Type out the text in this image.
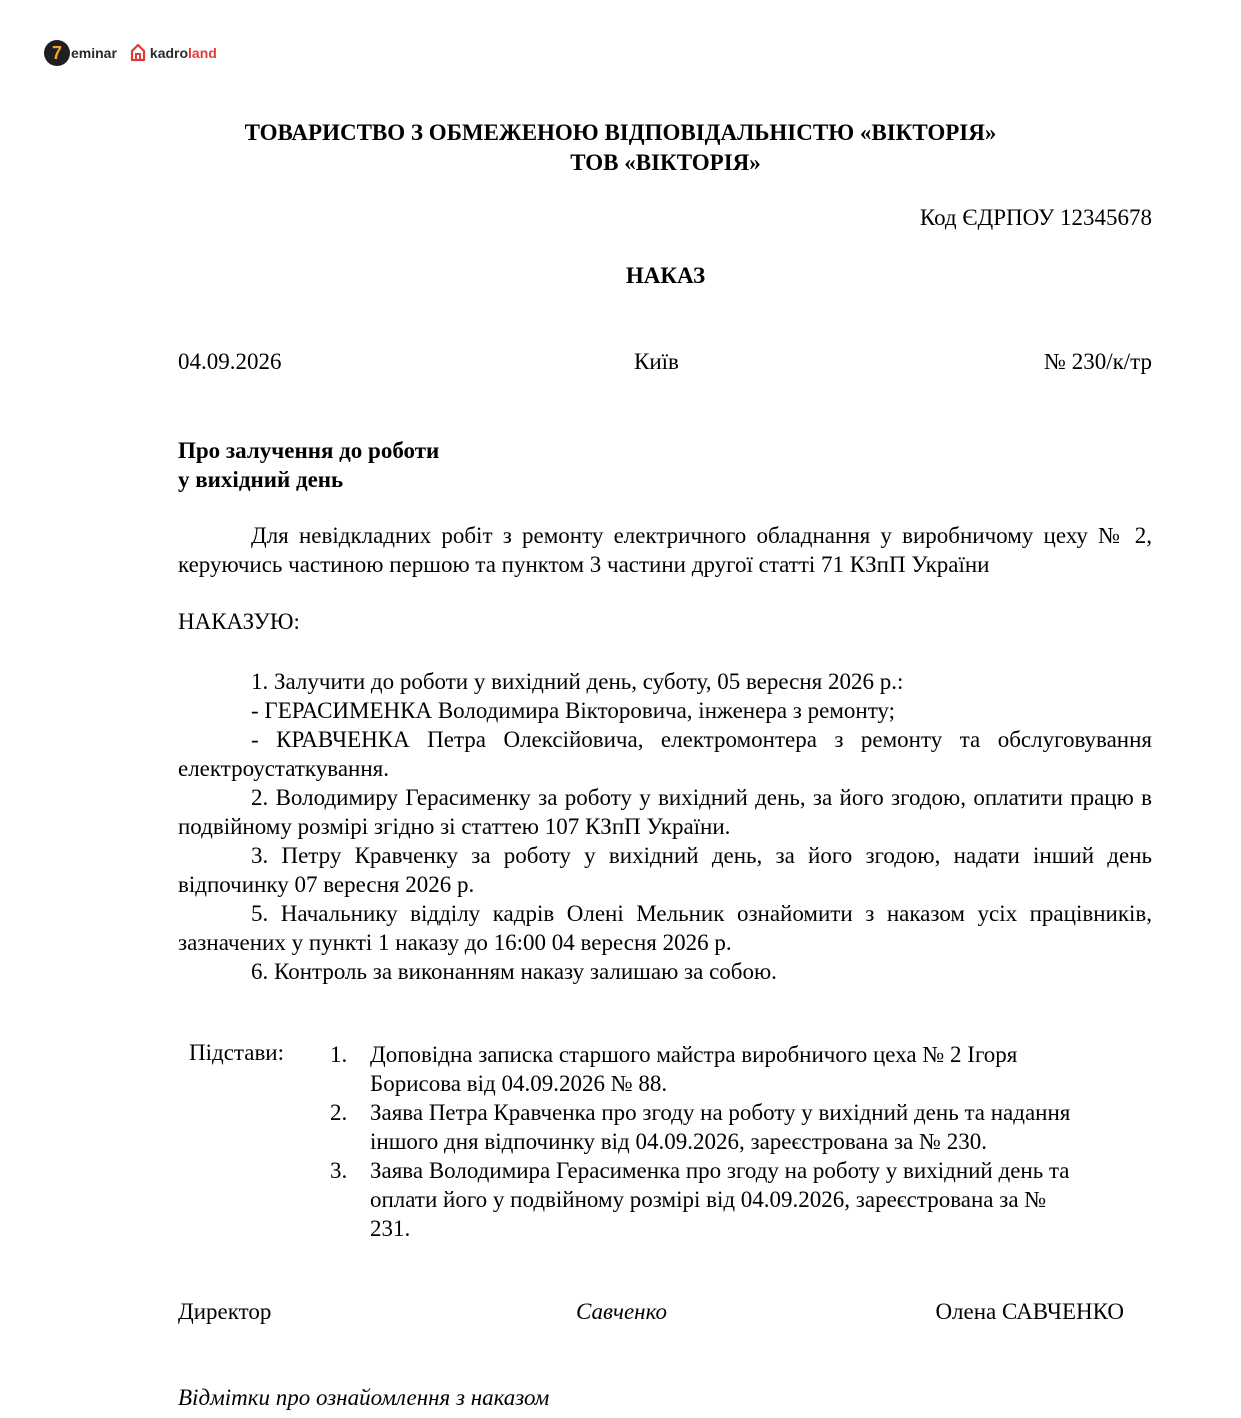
7 eminar kadroland
ТОВАРИСТВО З ОБМЕЖЕНОЮ ВІДПОВІДАЛЬНІСТЮ «ВІКТОРІЯ»
ТОВ «ВІКТОРІЯ»
Код ЄДРПОУ 12345678
НАКАЗ
04.09.2026	Київ	№ 230/к/тр
Про залучення до роботи
у вихідний день
Для невідкладних робіт з ремонту електричного обладнання у виробничому цеху № 2, керуючись частиною першою та пунктом 3 частини другої статті 71 КЗпП України
НАКАЗУЮ:

1. Залучити до роботи у вихідний день, суботу, 05 вересня 2026 р.:

- ГЕРАСИМЕНКА Володимира Вікторовича, інженера з ремонту;

- КРАВЧЕНКА Петра Олексійовича, електромонтера з ремонту та обслуговування електроустаткування.

2. Володимиру Герасименку за роботу у вихідний день, за його згодою, оплатити працю в подвійному розмірі згідно зі статтею 107 КЗпП України.

3. Петру Кравченку за роботу у вихідний день, за його згодою, надати інший день відпочинку 07 вересня 2026 р.

5. Начальнику відділу кадрів Олені Мельник ознайомити з наказом усіх працівників, зазначених у пункті 1 наказу до 16:00 04 вересня 2026 р.

6. Контроль за виконанням наказу залишаю за собою.

Підстави: 1. Доповідна записка старшого майстра виробничого цеха № 2 Ігоря Борисова від 04.09.2026 № 88.
2. Заява Петра Кравченка про згоду на роботу у вихідний день та надання іншого дня відпочинку від 04.09.2026, зареєстрована за № 230.
3. Заява Володимира Герасименка про згоду на роботу у вихідний день та оплати його у подвійному розмірі від 04.09.2026, зареєстрована за № 231.
Директор	Савченко	Олена САВЧЕНКО
Відмітки про ознайомлення з наказом
